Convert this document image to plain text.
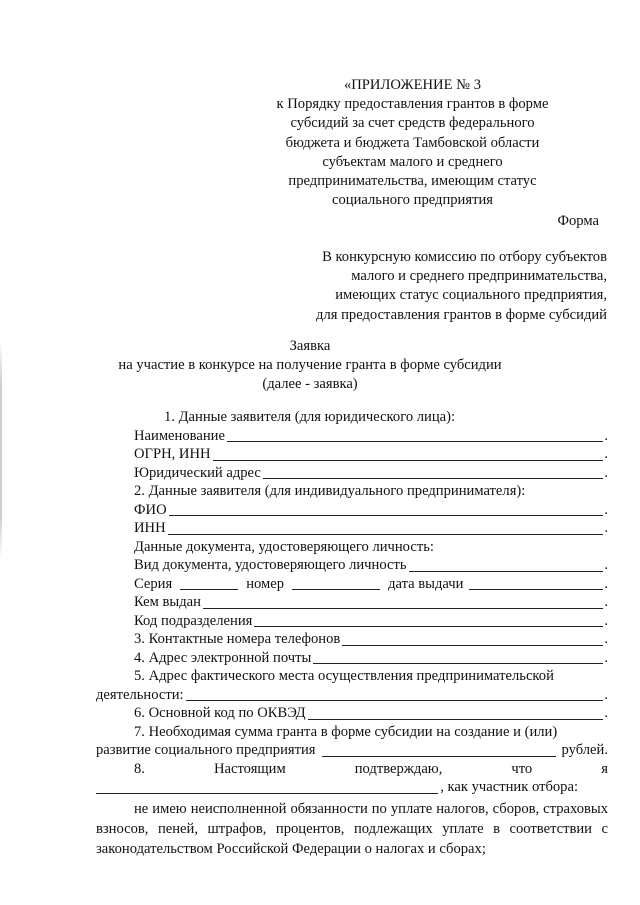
«ПРИЛОЖЕНИЕ № 3
к Порядку предоставления грантов в форме
субсидий за счет средств федерального
бюджета и бюджета Тамбовской области
субъектам малого и среднего
предпринимательства, имеющим статус
социального предприятия
Форма
В конкурсную комиссию по отбору субъектов
малого и среднего предпринимательства,
имеющих статус социального предприятия,
для предоставления грантов в форме субсидий
Заявка
на участие в конкурсе на получение гранта в форме субсидии
(далее - заявка)
1. Данные заявителя (для юридического лица):
Наименование	.
ОГРН, ИНН	.
Юридический адрес	.
2. Данные заявителя (для индивидуального предпринимателя):
ФИО	.
ИНН	.
Данные документа, удостоверяющего личность:
Вид документа, удостоверяющего личность	.
Серия	номер	дата выдачи	.
Кем выдан	.
Код подразделения	.
3. Контактные номера телефонов	.
4. Адрес электронной почты	.
5. Адрес фактического места осуществления предпринимательской
деятельности:	.
6. Основной код по ОКВЭД	.
7. Необходимая сумма гранта в форме субсидии на создание и (или)
развитие социального предприятия	рублей.
8.	Настоящим	подтверждаю,	что	я
, как участник отбора:
не имею неисполненной обязанности по уплате налогов, сборов, страховых взносов, пеней, штрафов, процентов, подлежащих уплате в соответствии с законодательством Российской Федерации о налогах и сборах;
